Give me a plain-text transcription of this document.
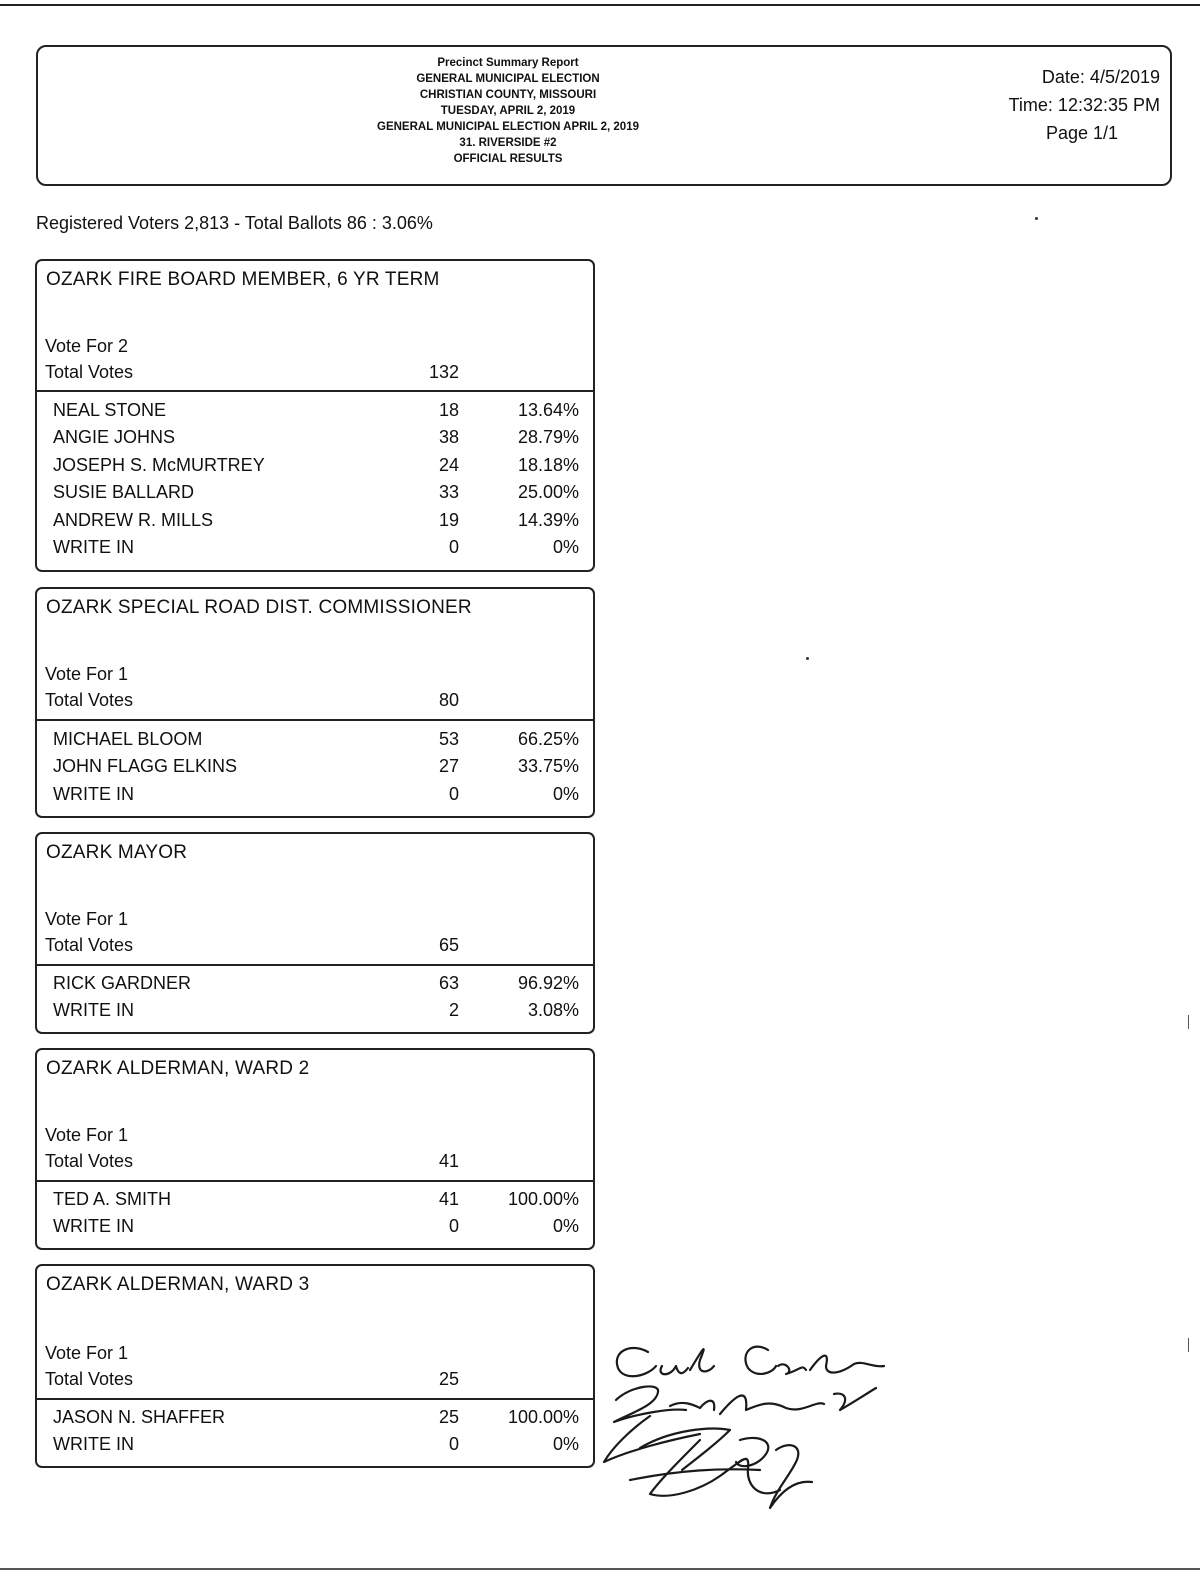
Precinct Summary Report
GENERAL MUNICIPAL ELECTION
CHRISTIAN COUNTY, MISSOURI
TUESDAY, APRIL 2, 2019
GENERAL MUNICIPAL ELECTION APRIL 2, 2019
31. RIVERSIDE #2
OFFICIAL RESULTS
Date: 4/5/2019
Time: 12:32:35 PM
Page 1/1
Registered Voters 2,813 - Total Ballots 86 : 3.06%
OZARK FIRE BOARD MEMBER, 6 YR TERM
Vote For 2
Total Votes	132
NEAL STONE	18	13.64%
ANGIE JOHNS	38	28.79%
JOSEPH S. McMURTREY	24	18.18%
SUSIE BALLARD	33	25.00%
ANDREW R. MILLS	19	14.39%
WRITE IN	0	0%
OZARK SPECIAL ROAD DIST. COMMISSIONER
Vote For 1
Total Votes	80
MICHAEL BLOOM	53	66.25%
JOHN FLAGG ELKINS	27	33.75%
WRITE IN	0	0%
OZARK MAYOR
Vote For 1
Total Votes	65
RICK GARDNER	63	96.92%
WRITE IN	2	3.08%
OZARK ALDERMAN, WARD 2
Vote For 1
Total Votes	41
TED A. SMITH	41	100.00%
WRITE IN	0	0%
OZARK ALDERMAN, WARD 3
Vote For 1
Total Votes	25
JASON N. SHAFFER	25	100.00%
WRITE IN	0	0%
